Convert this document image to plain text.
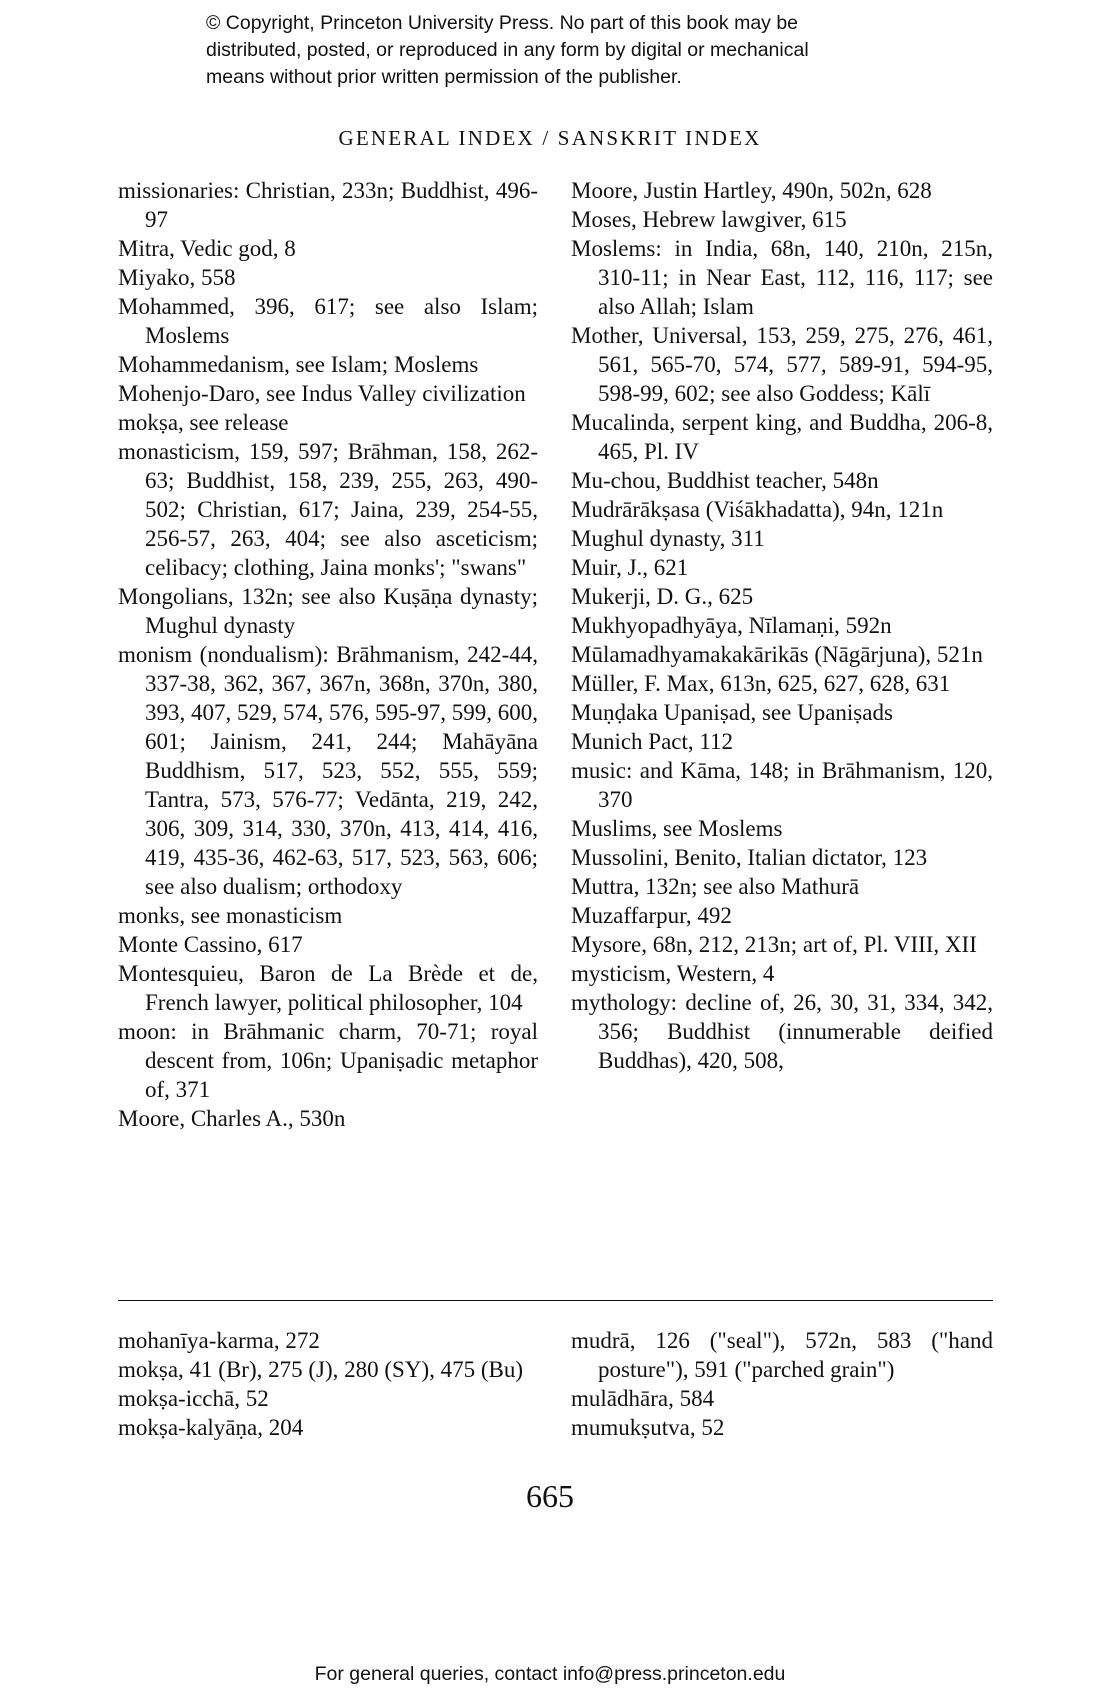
© Copyright, Princeton University Press. No part of this book may be
distributed, posted, or reproduced in any form by digital or mechanical
means without prior written permission of the publisher.
GENERAL INDEX / SANSKRIT INDEX
missionaries: Christian, 233n; Buddhist, 496-97
Mitra, Vedic god, 8
Miyako, 558
Mohammed, 396, 617; see also Islam; Moslems
Mohammedanism, see Islam; Moslems
Mohenjo-Daro, see Indus Valley civilization
mokṣa, see release
monasticism, 159, 597; Brāhman, 158, 262-63; Buddhist, 158, 239, 255, 263, 490-502; Christian, 617; Jaina, 239, 254-55, 256-57, 263, 404; see also asceticism; celibacy; clothing, Jaina monks'; "swans"
Mongolians, 132n; see also Kuṣāṇa dynasty; Mughul dynasty
monism (nondualism): Brāhmanism, 242-44, 337-38, 362, 367, 367n, 368n, 370n, 380, 393, 407, 529, 574, 576, 595-97, 599, 600, 601; Jainism, 241, 244; Mahāyāna Buddhism, 517, 523, 552, 555, 559; Tantra, 573, 576-77; Vedānta, 219, 242, 306, 309, 314, 330, 370n, 413, 414, 416, 419, 435-36, 462-63, 517, 523, 563, 606; see also dualism; orthodoxy
monks, see monasticism
Monte Cassino, 617
Montesquieu, Baron de La Brède et de, French lawyer, political philosopher, 104
moon: in Brāhmanic charm, 70-71; royal descent from, 106n; Upaniṣadic metaphor of, 371
Moore, Charles A., 530n
Moore, Justin Hartley, 490n, 502n, 628
Moses, Hebrew lawgiver, 615
Moslems: in India, 68n, 140, 210n, 215n, 310-11; in Near East, 112, 116, 117; see also Allah; Islam
Mother, Universal, 153, 259, 275, 276, 461, 561, 565-70, 574, 577, 589-91, 594-95, 598-99, 602; see also Goddess; Kālī
Mucalinda, serpent king, and Buddha, 206-8, 465, Pl. IV
Mu-chou, Buddhist teacher, 548n
Mudrārākṣasa (Viśākhadatta), 94n, 121n
Mughul dynasty, 311
Muir, J., 621
Mukerji, D. G., 625
Mukhyopadhyāya, Nīlamaṇi, 592n
Mūlamadhyamakakārikās (Nāgārjuna), 521n
Müller, F. Max, 613n, 625, 627, 628, 631
Muṇḍaka Upaniṣad, see Upaniṣads
Munich Pact, 112
music: and Kāma, 148; in Brāhmanism, 120, 370
Muslims, see Moslems
Mussolini, Benito, Italian dictator, 123
Muttra, 132n; see also Mathurā
Muzaffarpur, 492
Mysore, 68n, 212, 213n; art of, Pl. VIII, XII
mysticism, Western, 4
mythology: decline of, 26, 30, 31, 334, 342, 356; Buddhist (innumerable deified Buddhas), 420, 508,
mohanīya-karma, 272
mokṣa, 41 (Br), 275 (J), 280 (SY), 475 (Bu)
mokṣa-icchā, 52
mokṣa-kalyāṇa, 204
mudrā, 126 ("seal"), 572n, 583 ("hand posture"), 591 ("parched grain")
mulādhāra, 584
mumukṣutva, 52
665
For general queries, contact info@press.princeton.edu
